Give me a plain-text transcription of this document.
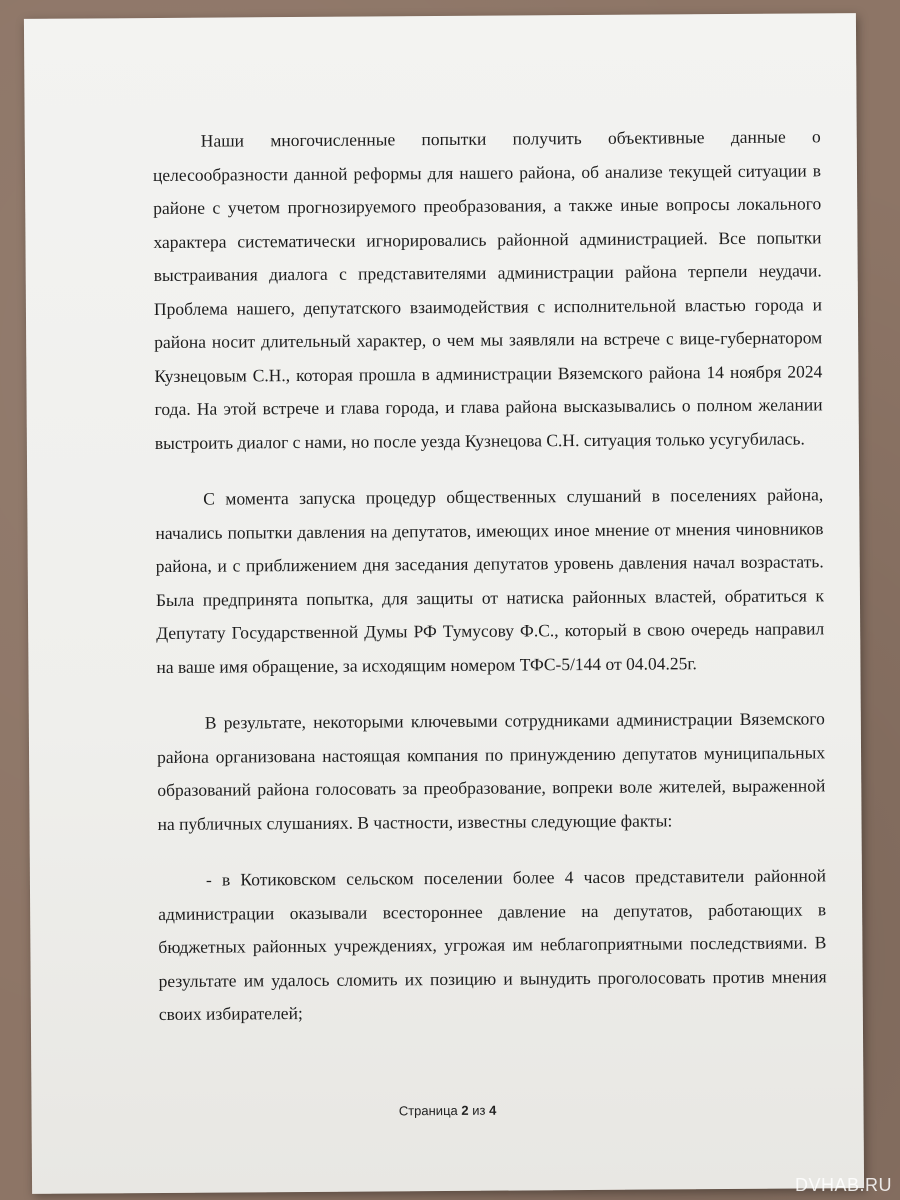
Наши многочисленные попытки получить объективные данные о целесообразности данной реформы для нашего района, об анализе текущей ситуации в районе с учетом прогнозируемого преобразования, а также иные вопросы локального характера систематически игнорировались районной администрацией. Все попытки выстраивания диалога с представителями администрации района терпели неудачи. Проблема нашего, депутатского взаимодействия с исполнительной властью города и района носит длительный характер, о чем мы заявляли на встрече с вице-губернатором Кузнецовым С.Н., которая прошла в администрации Вяземского района 14 ноября 2024 года. На этой встрече и глава города, и глава района высказывались о полном желании выстроить диалог с нами, но после уезда Кузнецова С.Н. ситуация только усугубилась.

С момента запуска процедур общественных слушаний в поселениях района, начались попытки давления на депутатов, имеющих иное мнение от мнения чиновников района, и с приближением дня заседания депутатов уровень давления начал возрастать. Была предпринята попытка, для защиты от натиска районных властей, обратиться к Депутату Государственной Думы РФ Тумусову Ф.С., который в свою очередь направил на ваше имя обращение, за исходящим номером ТФС-5/144 от 04.04.25г.

В результате, некоторыми ключевыми сотрудниками администрации Вяземского района организована настоящая компания по принуждению депутатов муниципальных образований района голосовать за преобразование, вопреки воле жителей, выраженной на публичных слушаниях. В частности, известны следующие факты:

- в Котиковском сельском поселении более 4 часов представители районной администрации оказывали всестороннее давление на депутатов, работающих в бюджетных районных учреждениях, угрожая им неблагоприятными последствиями. В результате им удалось сломить их позицию и вынудить проголосовать против мнения своих избирателей;

Страница 2 из 4
DVHAB.RU
